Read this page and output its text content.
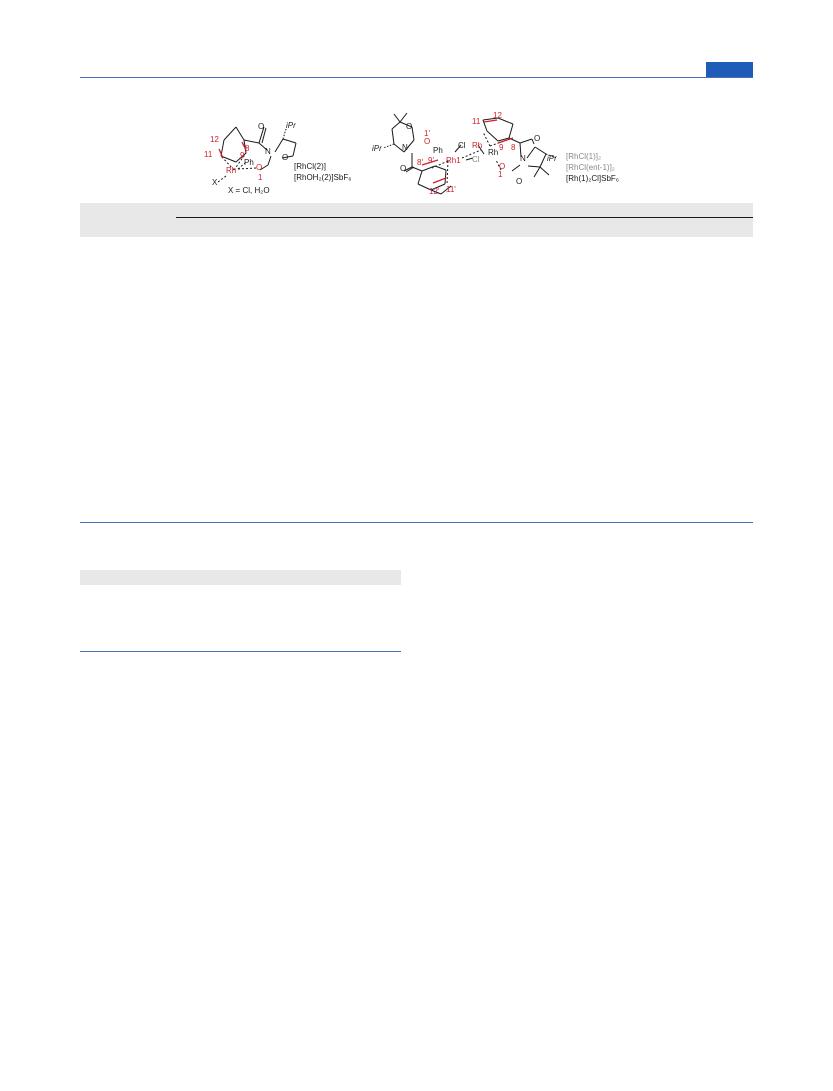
12
11
8
9
1
Rh O
Ph
N
O
O
iPr
X
X = Cl, H₂O
[RhCl(2)]
[RhOH₂(2)]SbF₆
1'
8' 9'
12' 11'
11
12
9 8
1
Rh1
Rh
Rh
Cl
Cl
Ph
N
N
O
O
O	O
O
O
iPr
iPr [RhCl(1)]₂
[RhCl(ent-1)]₂
[Rh(1)₂Cl]SbF₆
